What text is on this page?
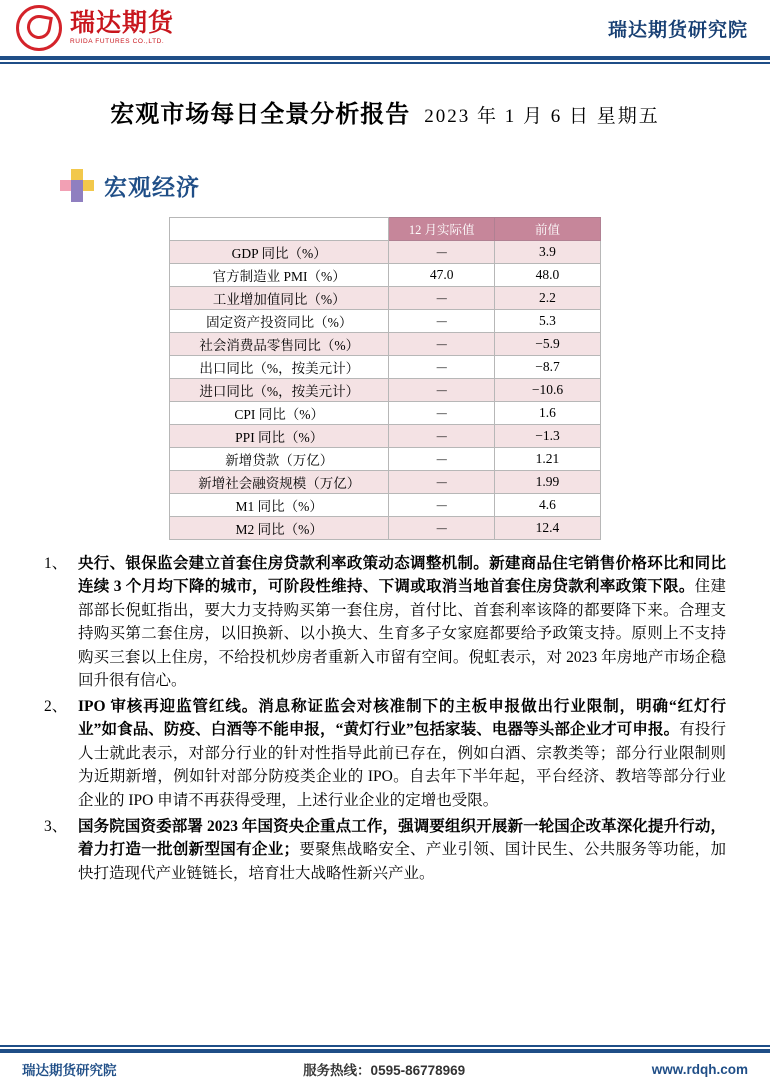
瑞达期货
RUIDA FUTURES CO.,LTD.
瑞达期货研究院
宏观市场每日全景分析报告 2023 年 1 月 6 日 星期五
宏观经济
	12 月实际值	前值
GDP 同比（%）	－	3.9
官方制造业 PMI（%）	47.0	48.0
工业增加值同比（%）	－	2.2
固定资产投资同比（%）	－	5.3
社会消费品零售同比（%）	－	−5.9
出口同比（%，按美元计）	－	−8.7
进口同比（%，按美元计）	－	−10.6
CPI 同比（%）	－	1.6
PPI 同比（%）	－	−1.3
新增贷款（万亿）	－	1.21
新增社会融资规模（万亿）	－	1.99
M1 同比（%）	－	4.6
M2 同比（%）	－	12.4
1、 央行、银保监会建立首套住房贷款利率政策动态调整机制。新建商品住宅销售价格环比和同比连续 3 个月均下降的城市，可阶段性维持、下调或取消当地首套住房贷款利率政策下限。住建部部长倪虹指出，要大力支持购买第一套住房，首付比、首套利率该降的都要降下来。合理支持购买第二套住房，以旧换新、以小换大、生育多子女家庭都要给予政策支持。原则上不支持购买三套以上住房，不给投机炒房者重新入市留有空间。倪虹表示，对 2023 年房地产市场企稳回升很有信心。
2、 IPO 审核再迎监管红线。消息称证监会对核准制下的主板申报做出行业限制，明确“红灯行业”如食品、防疫、白酒等不能申报，“黄灯行业”包括家装、电器等头部企业才可申报。有投行人士就此表示，对部分行业的针对性指导此前已存在，例如白酒、宗教类等；部分行业限制则为近期新增，例如针对部分防疫类企业的 IPO。自去年下半年起，平台经济、教培等部分行业企业的 IPO 申请不再获得受理，上述行业企业的定增也受限。
3、 国务院国资委部署 2023 年国资央企重点工作，强调要组织开展新一轮国企改革深化提升行动，着力打造一批创新型国有企业；要聚焦战略安全、产业引领、国计民生、公共服务等功能，加快打造现代产业链链长，培育壮大战略性新兴产业。
瑞达期货研究院	服务热线：0595-86778969	www.rdqh.com
